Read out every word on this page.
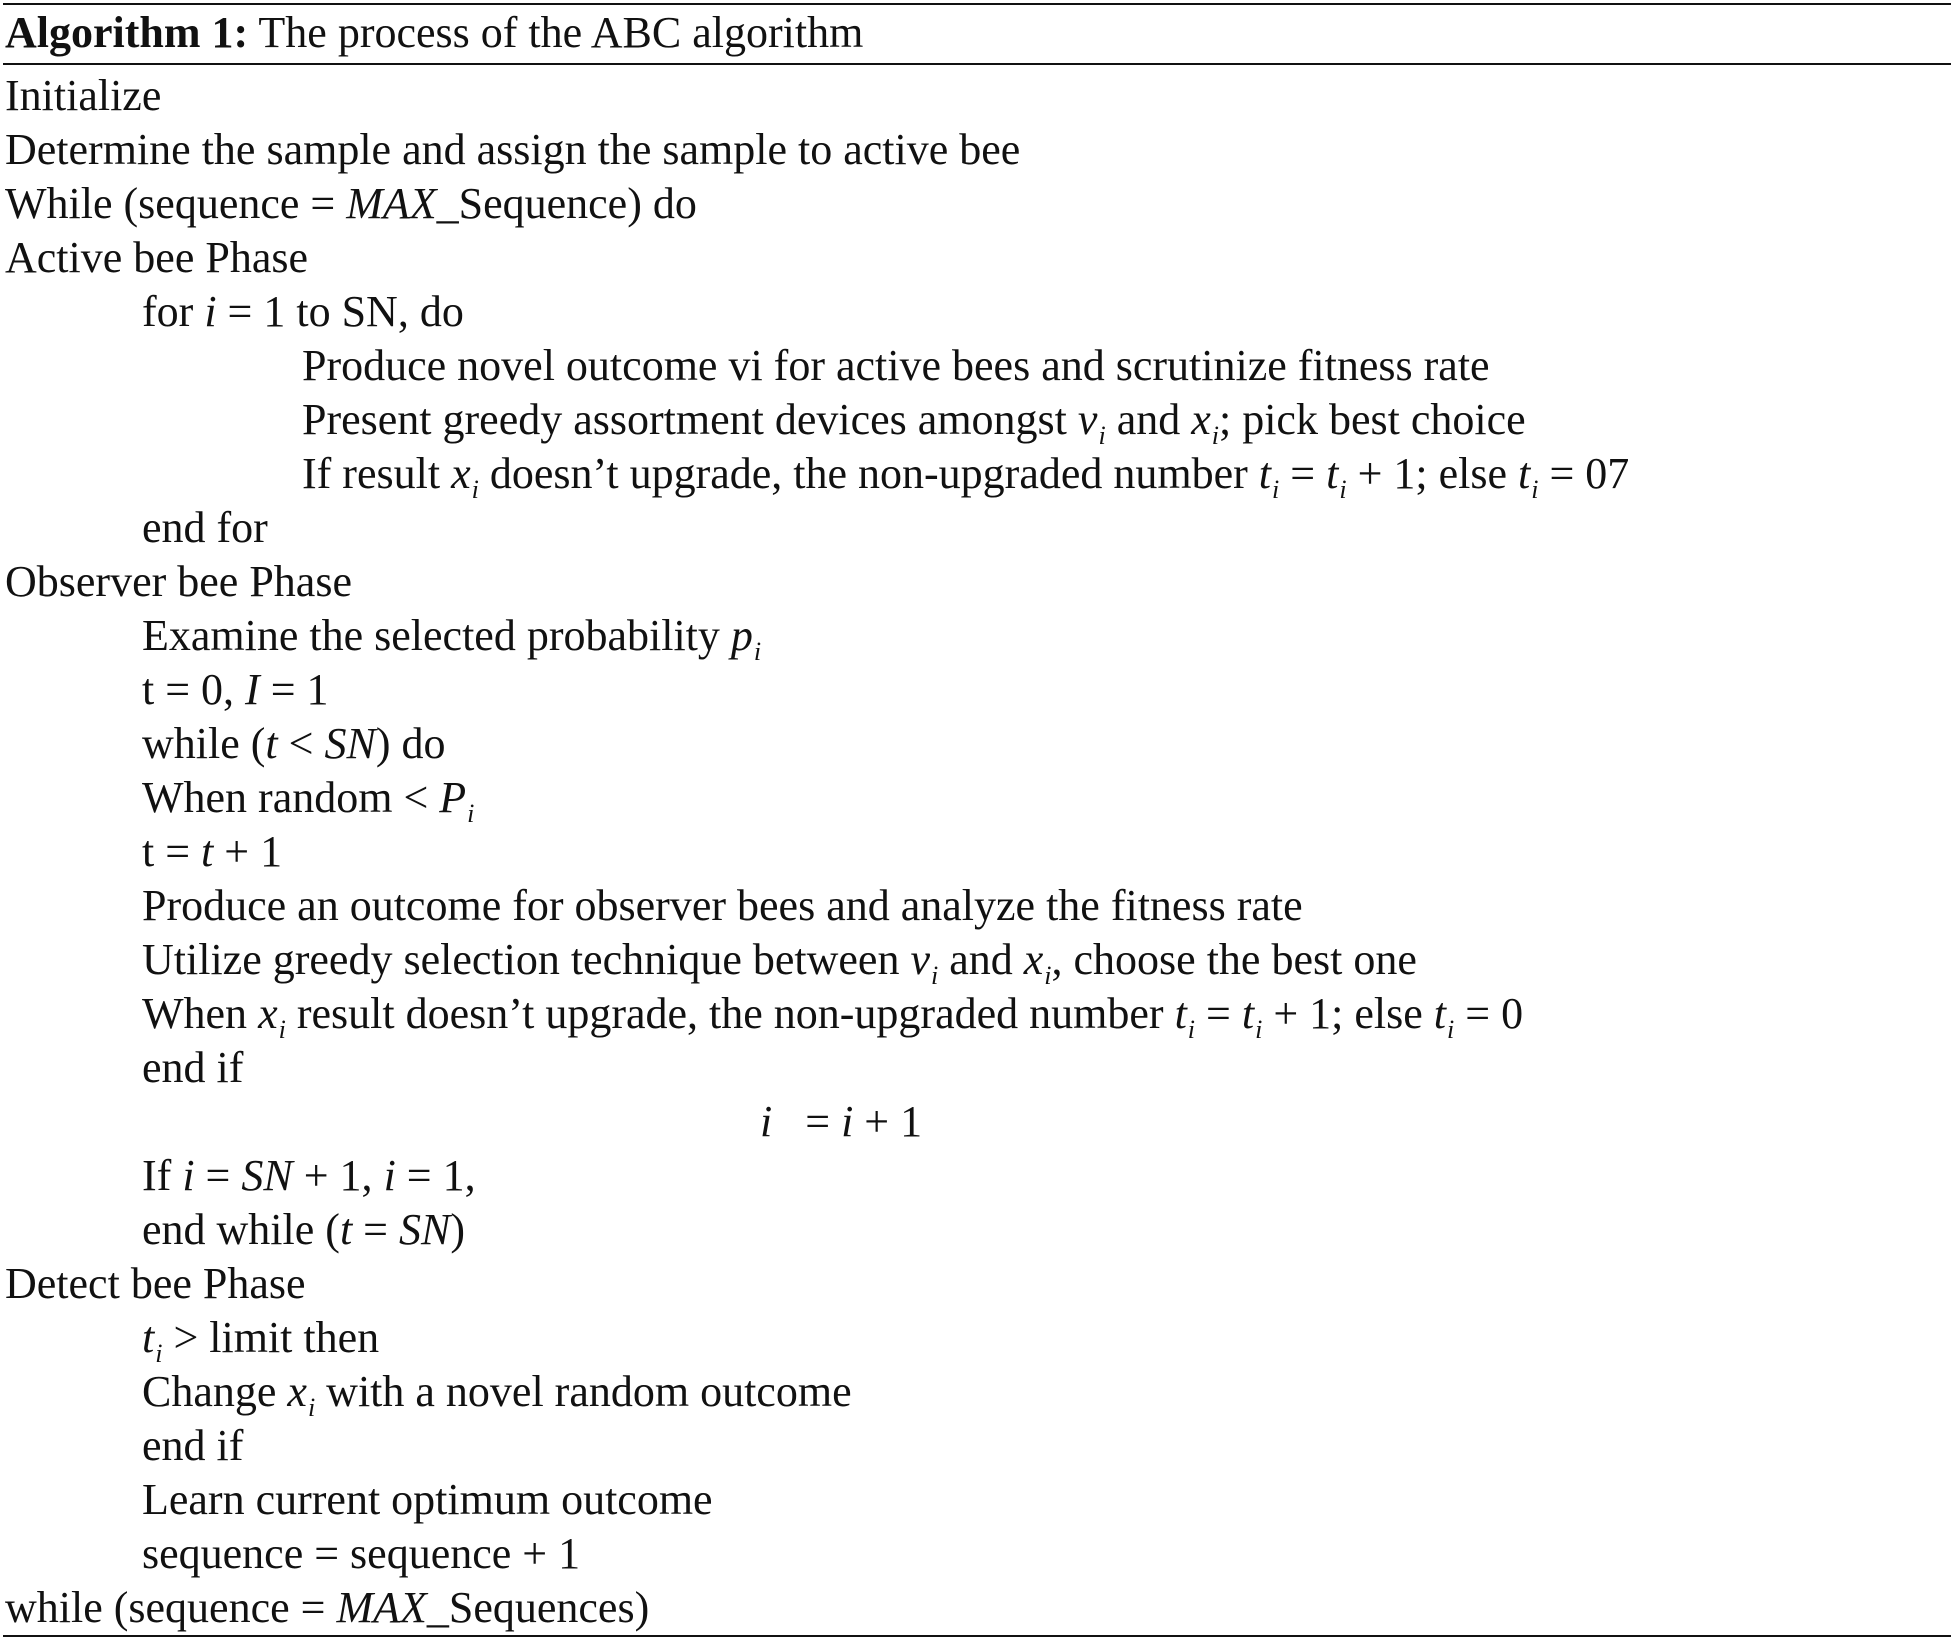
Algorithm 1: The process of the ABC algorithm
Initialize
Determine the sample and assign the sample to active bee
While (sequence = MAX_Sequence) do
Active bee Phase
for i = 1 to SN, do
Produce novel outcome vi for active bees and scrutinize fitness rate
Present greedy assortment devices amongst $v_i$ and $x_i$; pick best choice
If result $x_i$ doesn’t upgrade, the non-upgraded number $t_i = t_i + 1$; else $t_i = 07$
end for
Observer bee Phase
Examine the selected probability $p_i$
t = 0, I = 1
while (t < SN) do
When random < $P_i$
t = t + 1
Produce an outcome for observer bees and analyze the fitness rate
Utilize greedy selection technique between $v_i$ and $x_i$, choose the best one
When $x_i$ result doesn’t upgrade, the non-upgraded number $t_i = t_i + 1$; else $t_i = 0$
end if
i = i + 1
If i = SN + 1, i = 1,
end while (t = SN)
Detect bee Phase
$t_i$ > limit then
Change $x_i$ with a novel random outcome
end if
Learn current optimum outcome
sequence = sequence + 1
while (sequence = MAX_Sequences)
